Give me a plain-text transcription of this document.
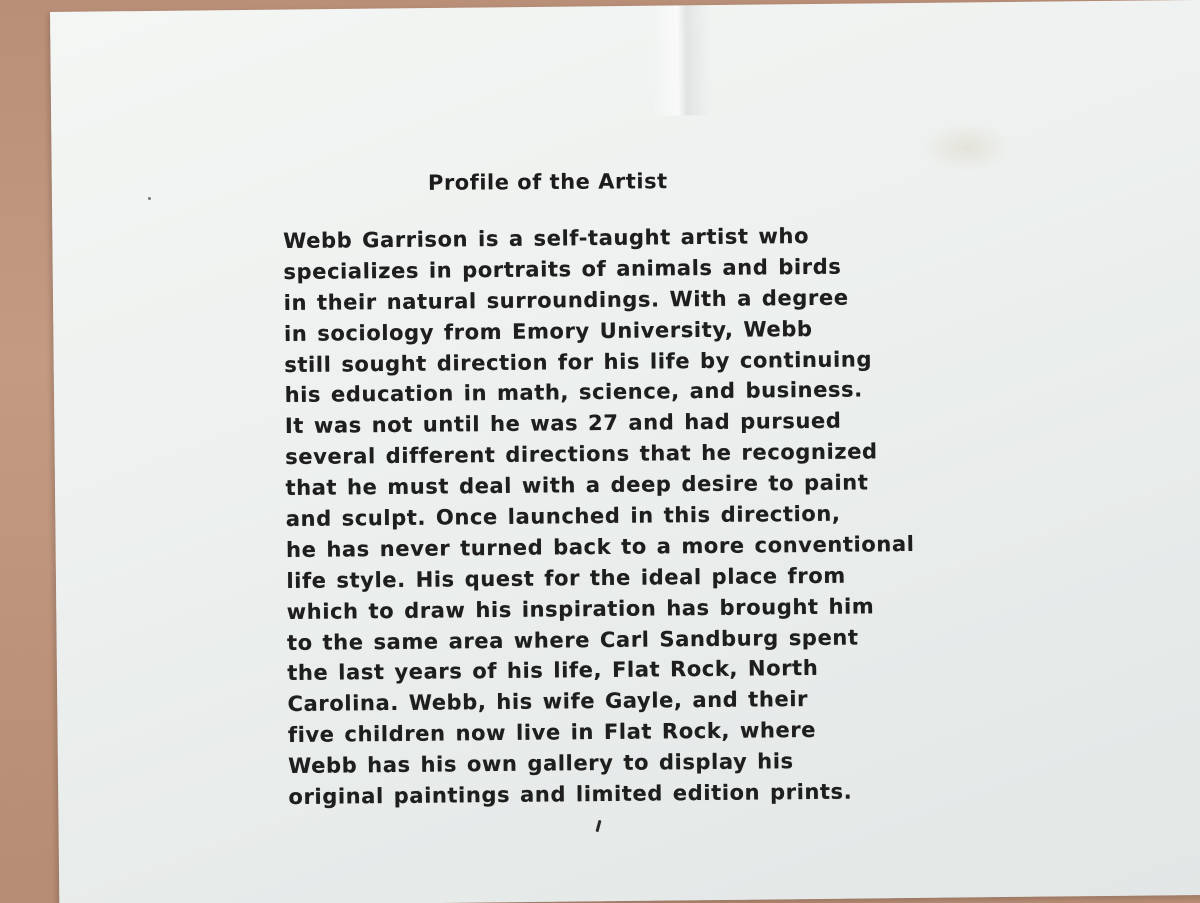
Profile of the Artist
Webb Garrison is a self-taught artist who
specializes in portraits of animals and birds
in their natural surroundings. With a degree
in sociology from Emory University, Webb
still sought direction for his life by continuing
his education in math, science, and business.
It was not until he was 27 and had pursued
several different directions that he recognized
that he must deal with a deep desire to paint
and sculpt. Once launched in this direction,
he has never turned back to a more conventional
life style. His quest for the ideal place from
which to draw his inspiration has brought him
to the same area where Carl Sandburg spent
the last years of his life, Flat Rock, North
Carolina. Webb, his wife Gayle, and their
five children now live in Flat Rock, where
Webb has his own gallery to display his
original paintings and limited edition prints.
